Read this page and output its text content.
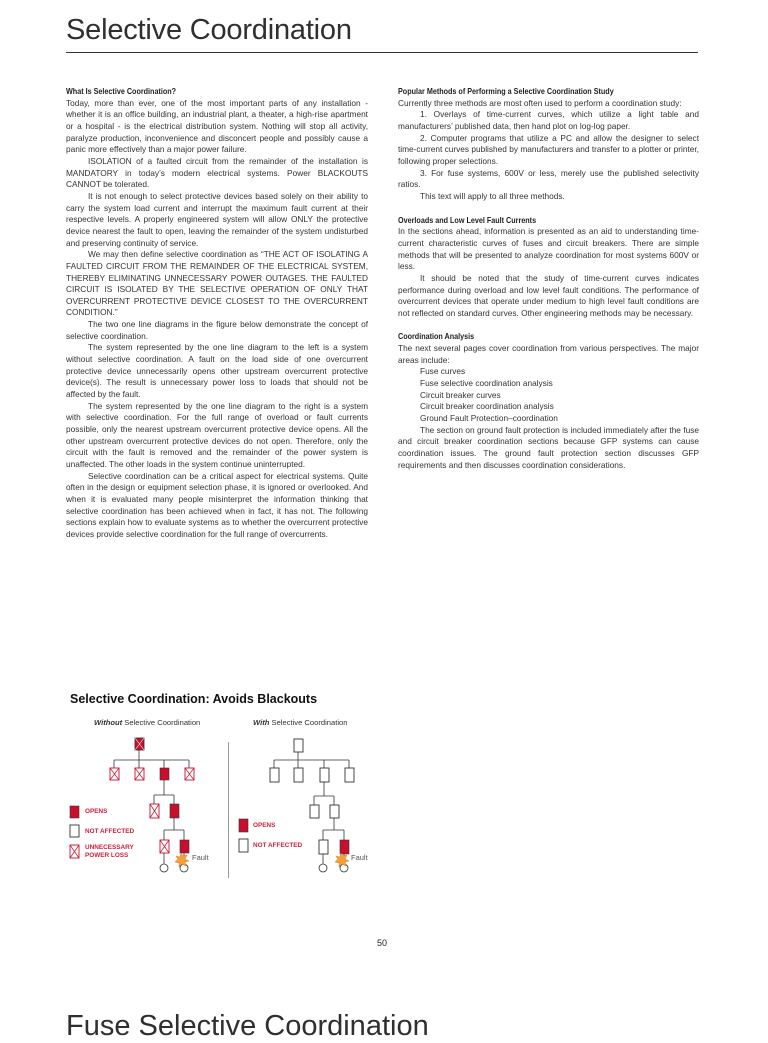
Selective Coordination
What Is Selective Coordination?

Today, more than ever, one of the most important parts of any installation - whether it is an office building, an industrial plant, a theater, a high-rise apartment or a hospital - is the electrical distribution system. Nothing will stop all activity, paralyze production, inconvenience and disconcert people and possibly cause a panic more effectively than a major power failure.

ISOLATION of a faulted circuit from the remainder of the installation is MANDATORY in today’s modern electrical systems. Power BLACKOUTS CANNOT be tolerated.

It is not enough to select protective devices based solely on their ability to carry the system load current and interrupt the maximum fault current at their respective levels. A properly engineered system will allow ONLY the protective device nearest the fault to open, leaving the remainder of the system undisturbed and preserving continuity of service.

We may then define selective coordination as “THE ACT OF ISOLATING A FAULTED CIRCUIT FROM THE REMAINDER OF THE ELECTRICAL SYSTEM, THEREBY ELIMINATING UNNECESSARY POWER OUTAGES. THE FAULTED CIRCUIT IS ISOLATED BY THE SELECTIVE OPERATION OF ONLY THAT OVERCURRENT PROTECTIVE DEVICE CLOSEST TO THE OVERCURRENT CONDITION.”

The two one line diagrams in the figure below demonstrate the concept of selective coordination.

The system represented by the one line diagram to the left is a system without selective coordination. A fault on the load side of one overcurrent protective device unnecessarily opens other upstream overcurrent protective device(s). The result is unnecessary power loss to loads that should not be affected by the fault.

The system represented by the one line diagram to the right is a system with selective coordination. For the full range of overload or fault currents possible, only the nearest upstream overcurrent protective device opens. All the other upstream overcurrent protective devices do not open. Therefore, only the circuit with the fault is removed and the remainder of the power system is unaffected. The other loads in the system continue uninterrupted.

Selective coordination can be a critical aspect for electrical systems. Quite often in the design or equipment selection phase, it is ignored or overlooked. And when it is evaluated many people misinterpret the information thinking that selective coordination has been achieved when in fact, it has not. The following sections explain how to evaluate systems as to whether the overcurrent protective devices provide selective coordination for the full range of overcurrents.

Popular Methods of Performing a Selective Coordination Study

Currently three methods are most often used to perform a coordination study:

1. Overlays of time-current curves, which utilize a light table and manufacturers’ published data, then hand plot on log-log paper.

2. Computer programs that utilize a PC and allow the designer to select time-current curves published by manufacturers and transfer to a plotter or printer, following proper selections.

3. For fuse systems, 600V or less, merely use the published selectivity ratios.

This text will apply to all three methods.

Overloads and Low Level Fault Currents

In the sections ahead, information is presented as an aid to understanding time-current characteristic curves of fuses and circuit breakers. There are simple methods that will be presented to analyze coordination for most systems 600V or less.

It should be noted that the study of time-current curves indicates performance during overload and low level fault conditions. The performance of overcurrent devices that operate under medium to high level fault conditions are not reflected on standard curves. Other engineering methods may be necessary.

Coordination Analysis

The next several pages cover coordination from various perspectives. The major areas include:

Fuse curves
Fuse selective coordination analysis
Circuit breaker curves
Circuit breaker coordination analysis
Ground Fault Protection–coordination

The section on ground fault protection is included immediately after the fuse and circuit breaker coordination sections because GFP systems can cause coordination issues. The ground fault protection section discusses GFP requirements and then discusses coordination considerations.

Selective Coordination: Avoids Blackouts
Without Selective Coordination	With Selective Coordination
OPENS
NOT AFFECTED
UNNECESSARY POWER LOSS
OPENS
NOT AFFECTED
Fault	Fault
50
Fuse Selective Coordination
